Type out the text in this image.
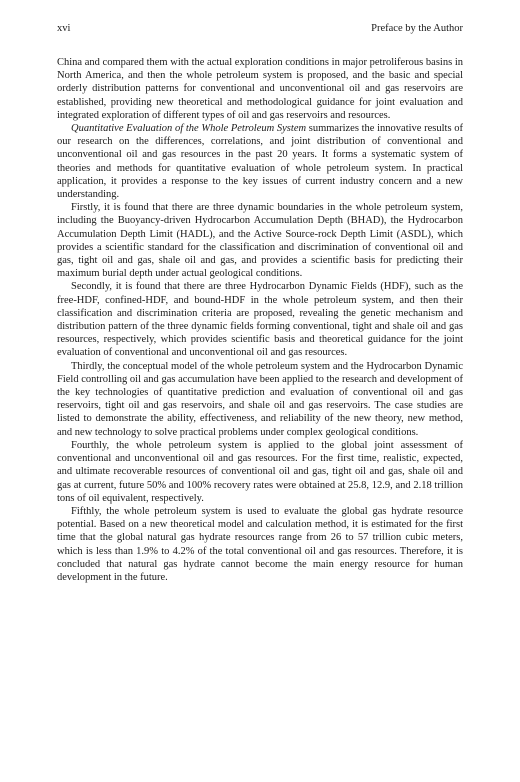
xvi	Preface by the Author

China and compared them with the actual exploration conditions in major petroliferous basins in North America, and then the whole petroleum system is proposed, and the basic and special orderly distribution patterns for conventional and unconventional oil and gas reservoirs are established, providing new theoretical and methodological guidance for joint evaluation and integrated exploration of different types of oil and gas reservoirs and resources.

Quantitative Evaluation of the Whole Petroleum System summarizes the innovative results of our research on the differences, correlations, and joint distribution of conventional and unconventional oil and gas resources in the past 20 years. It forms a systematic system of theories and methods for quantitative evaluation of whole petroleum system. In practical application, it provides a response to the key issues of current industry concern and a new understanding.

Firstly, it is found that there are three dynamic boundaries in the whole petroleum system, including the Buoyancy-driven Hydrocarbon Accumulation Depth (BHAD), the Hydrocarbon Accumulation Depth Limit (HADL), and the Active Source-rock Depth Limit (ASDL), which provides a scientific standard for the classification and discrimination of conventional oil and gas, tight oil and gas, shale oil and gas, and provides a scientific basis for predicting their maximum burial depth under actual geological conditions.

Secondly, it is found that there are three Hydrocarbon Dynamic Fields (HDF), such as the free-HDF, confined-HDF, and bound-HDF in the whole petroleum system, and then their classification and discrimination criteria are proposed, revealing the genetic mechanism and distribution pattern of the three dynamic fields forming conventional, tight and shale oil and gas resources, respectively, which provides scientific basis and theoretical guidance for the joint evaluation of conventional and unconventional oil and gas resources.

Thirdly, the conceptual model of the whole petroleum system and the Hydrocarbon Dynamic Field controlling oil and gas accumulation have been applied to the research and development of the key technologies of quantitative prediction and evaluation of conventional oil and gas reservoirs, tight oil and gas reservoirs, and shale oil and gas reservoirs. The case studies are listed to demonstrate the ability, effectiveness, and reliability of the new theory, new method, and new technology to solve practical problems under complex geological conditions.

Fourthly, the whole petroleum system is applied to the global joint assessment of conventional and unconventional oil and gas resources. For the first time, realistic, expected, and ultimate recoverable resources of conventional oil and gas, tight oil and gas, shale oil and gas at current, future 50% and 100% recovery rates were obtained at 25.8, 12.9, and 2.18 trillion tons of oil equivalent, respectively.

Fifthly, the whole petroleum system is used to evaluate the global gas hydrate resource potential. Based on a new theoretical model and calculation method, it is estimated for the first time that the global natural gas hydrate resources range from 26 to 57 trillion cubic meters, which is less than 1.9% to 4.2% of the total conventional oil and gas resources. Therefore, it is concluded that natural gas hydrate cannot become the main energy resource for human development in the future.
